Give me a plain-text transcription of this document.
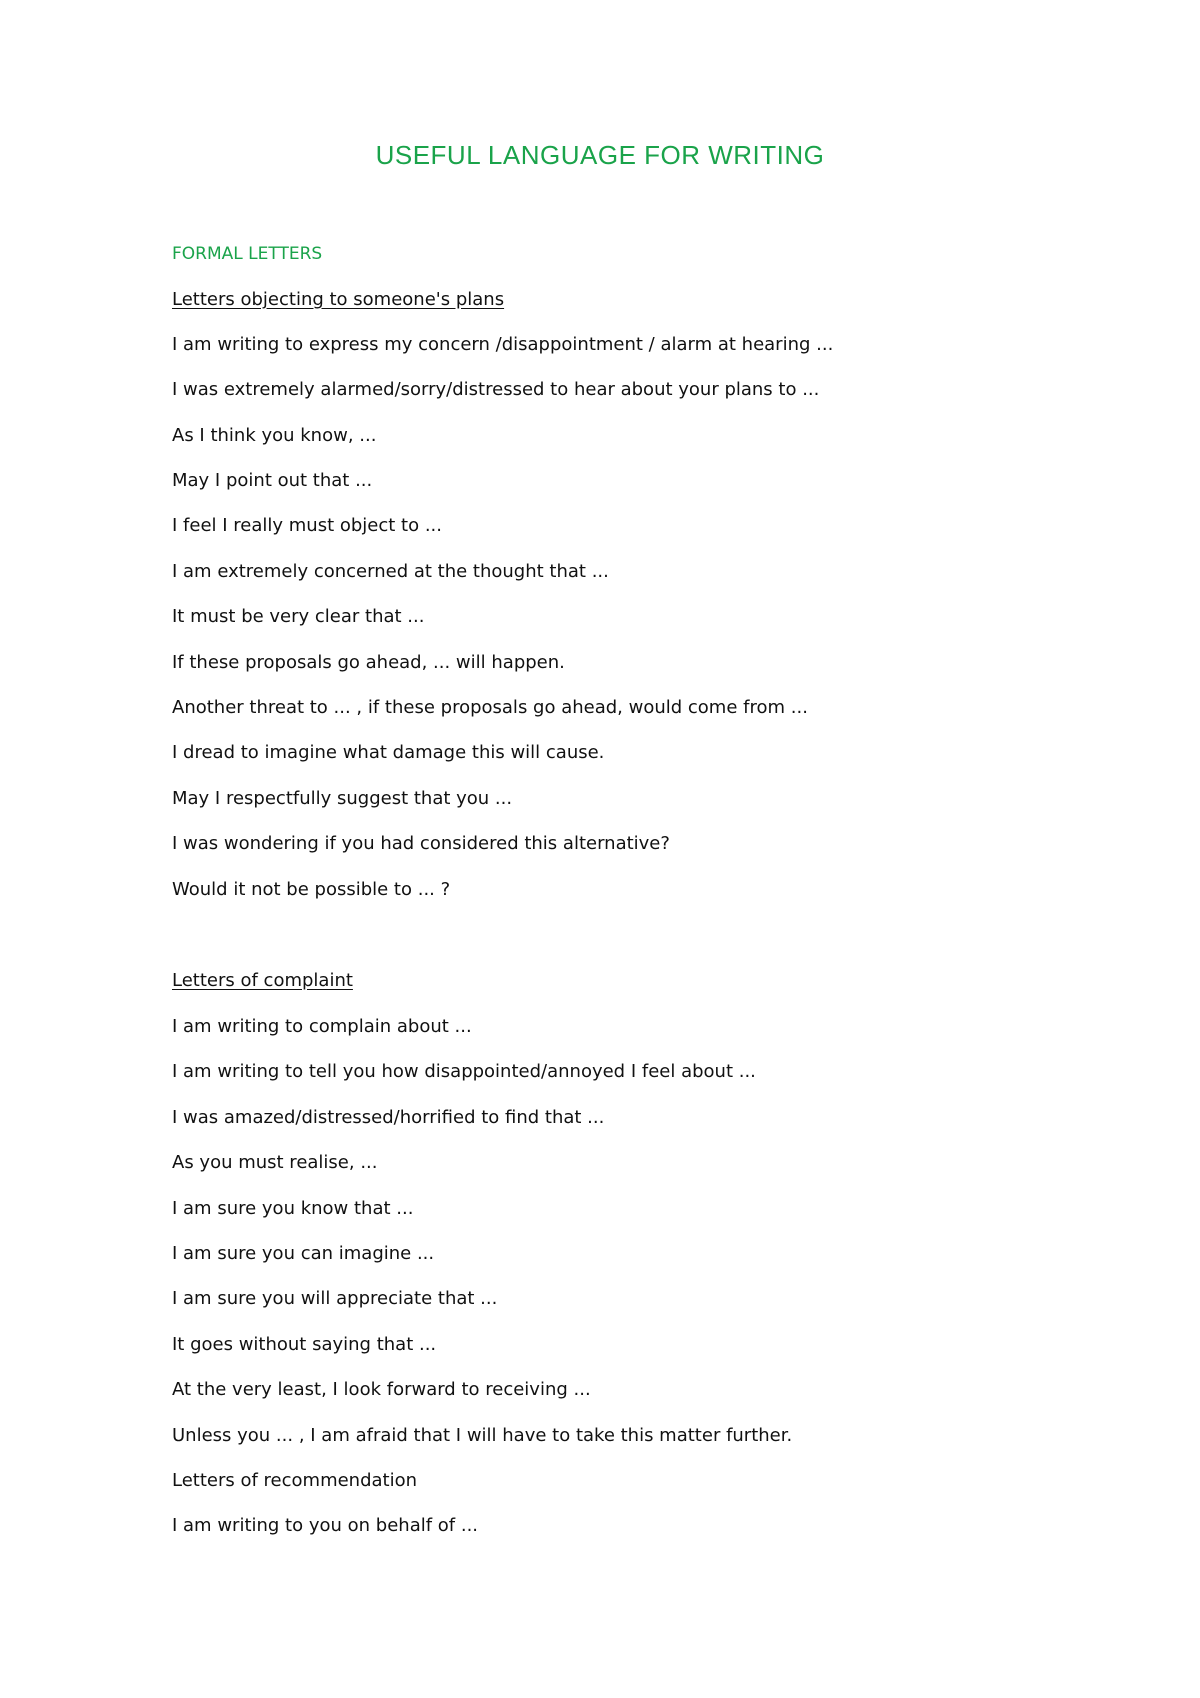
USEFUL LANGUAGE FOR WRITING
FORMAL LETTERS
Letters objecting to someone's plans
I am writing to express my concern /disappointment / alarm at hearing ...
I was extremely alarmed/sorry/distressed to hear about your plans to ...
As I think you know, ...
May I point out that ...
I feel I really must object to ...
I am extremely concerned at the thought that ...
It must be very clear that ...
If these proposals go ahead, ... will happen.
Another threat to ... , if these proposals go ahead, would come from ...
I dread to imagine what damage this will cause.
May I respectfully suggest that you ...
I was wondering if you had considered this alternative?
Would it not be possible to ... ?
Letters of complaint
I am writing to complain about ...
I am writing to tell you how disappointed/annoyed I feel about ...
I was amazed/distressed/horrified to find that ...
As you must realise, ...
I am sure you know that ...
I am sure you can imagine ...
I am sure you will appreciate that ...
It goes without saying that ...
At the very least, I look forward to receiving ...
Unless you ... , I am afraid that I will have to take this matter further.
Letters of recommendation
I am writing to you on behalf of ...
